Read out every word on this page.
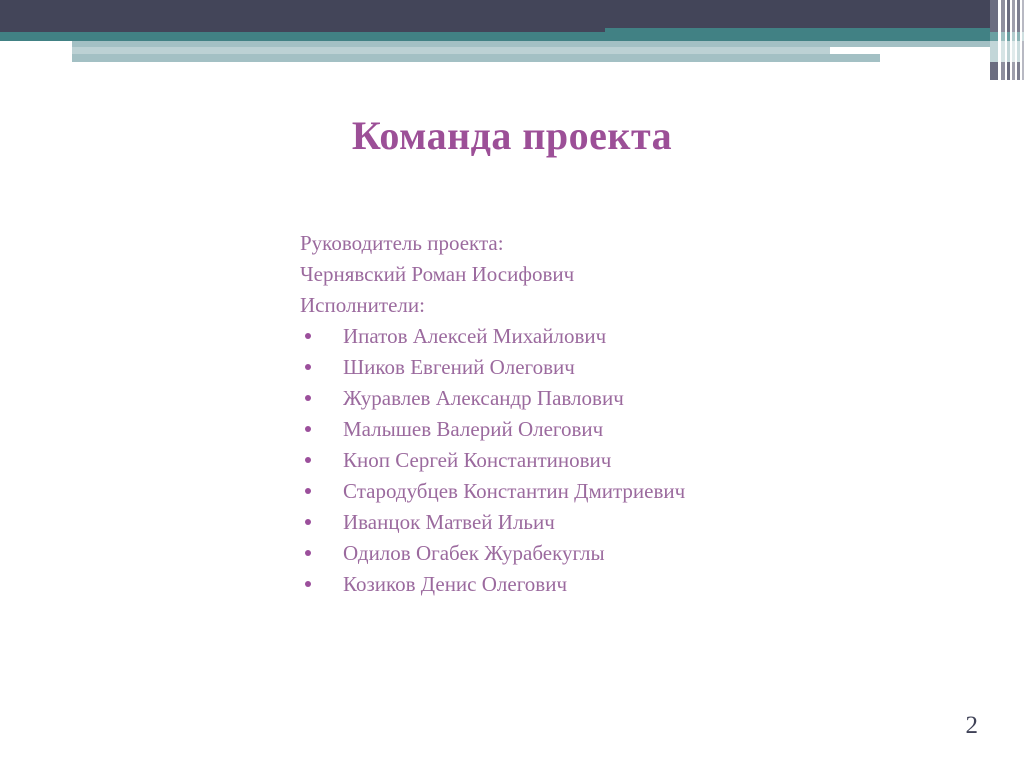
Команда проекта
Руководитель проекта:
Чернявский Роман Иосифович
Исполнители:
Ипатов Алексей Михайлович
Шиков Евгений Олегович
Журавлев Александр Павлович
Малышев Валерий Олегович
Кноп Сергей Константинович
Стародубцев Константин Дмитриевич
Иванцок Матвей Ильич
Одилов Огабек Журабекуглы
Козиков Денис Олегович
2
